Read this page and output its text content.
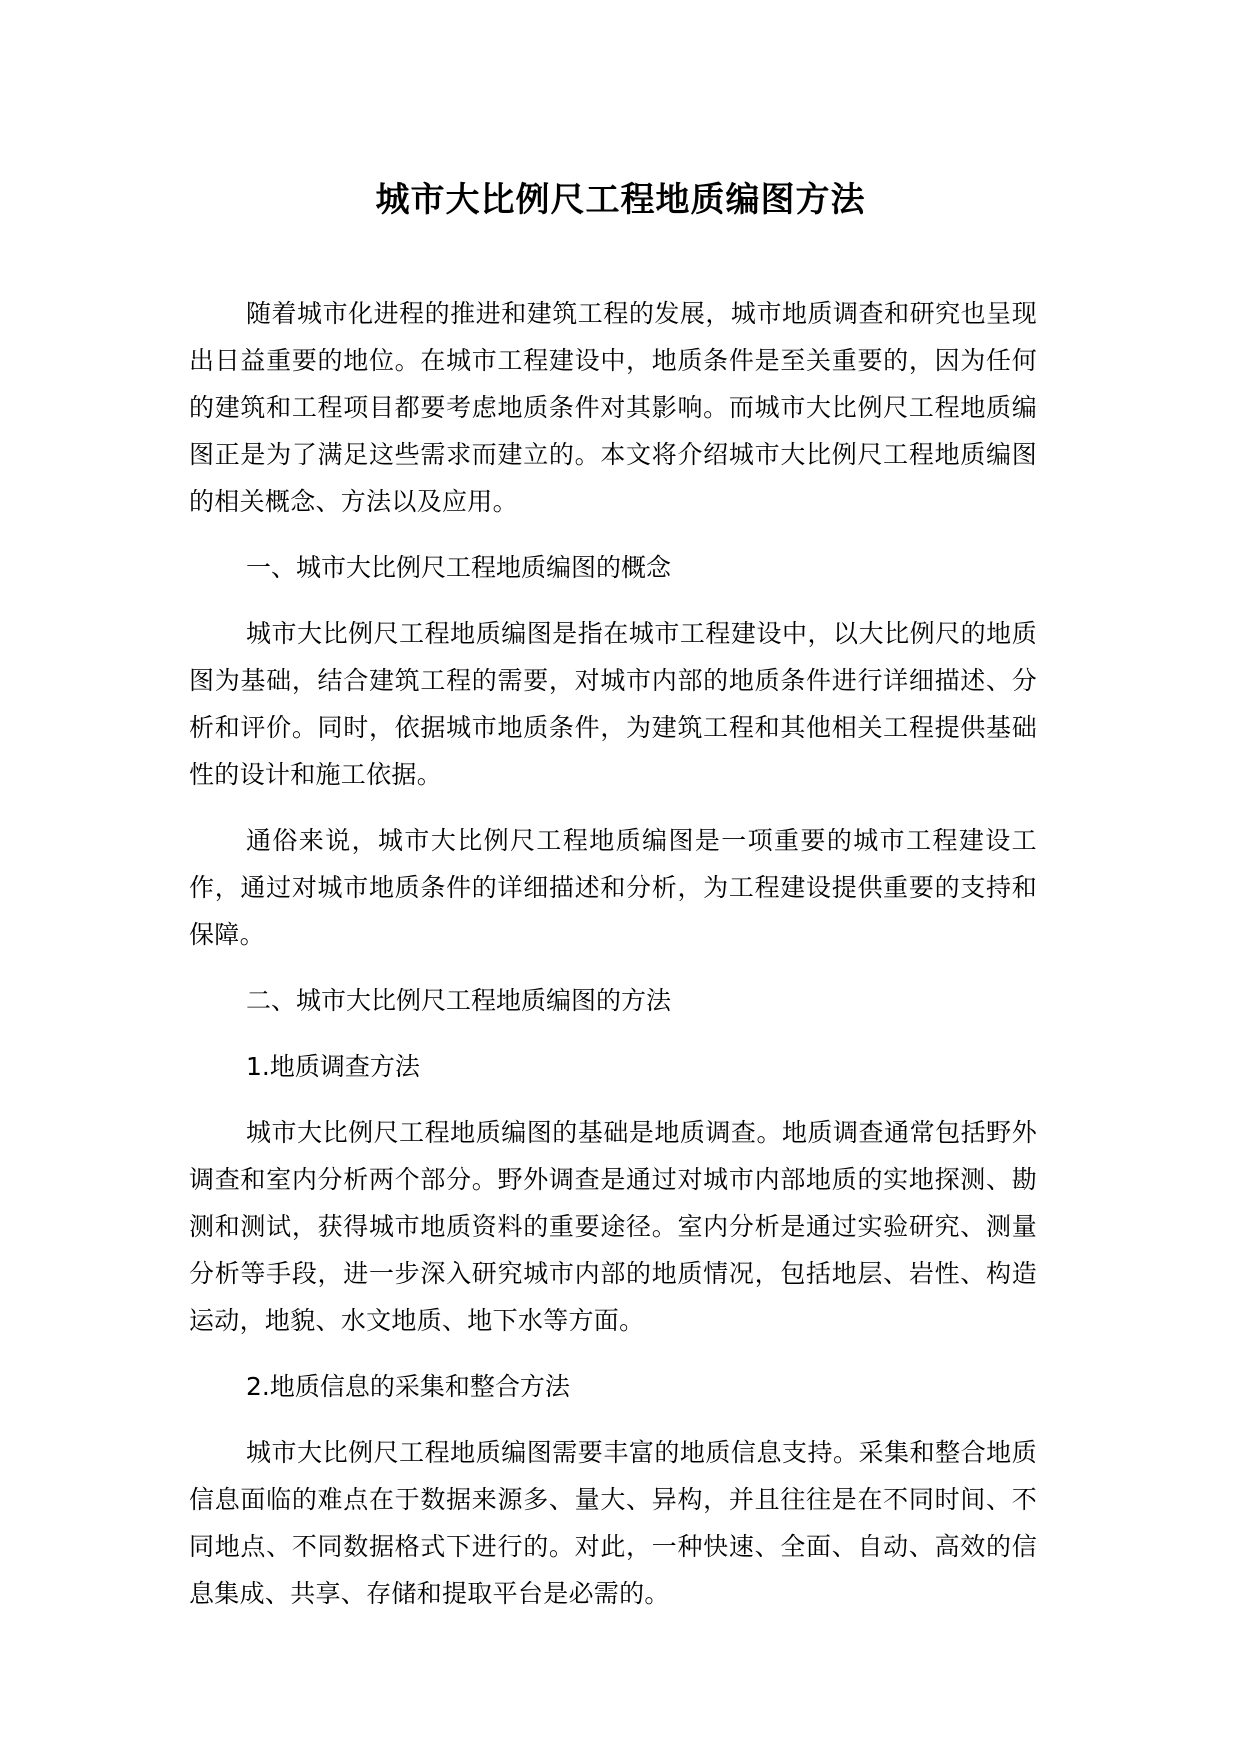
城市大比例尺工程地质编图方法

随着城市化进程的推进和建筑工程的发展，城市地质调查和研究也呈现出日益重要的地位。在城市工程建设中，地质条件是至关重要的，因为任何的建筑和工程项目都要考虑地质条件对其影响。而城市大比例尺工程地质编图正是为了满足这些需求而建立的。本文将介绍城市大比例尺工程地质编图的相关概念、方法以及应用。

一、城市大比例尺工程地质编图的概念

城市大比例尺工程地质编图是指在城市工程建设中，以大比例尺的地质图为基础，结合建筑工程的需要，对城市内部的地质条件进行详细描述、分析和评价。同时，依据城市地质条件，为建筑工程和其他相关工程提供基础性的设计和施工依据。

通俗来说，城市大比例尺工程地质编图是一项重要的城市工程建设工作，通过对城市地质条件的详细描述和分析，为工程建设提供重要的支持和保障。

二、城市大比例尺工程地质编图的方法

1.地质调查方法

城市大比例尺工程地质编图的基础是地质调查。地质调查通常包括野外调查和室内分析两个部分。野外调查是通过对城市内部地质的实地探测、勘测和测试，获得城市地质资料的重要途径。室内分析是通过实验研究、测量分析等手段，进一步深入研究城市内部的地质情况，包括地层、岩性、构造运动，地貌、水文地质、地下水等方面。

2.地质信息的采集和整合方法

城市大比例尺工程地质编图需要丰富的地质信息支持。采集和整合地质信息面临的难点在于数据来源多、量大、异构，并且往往是在不同时间、不同地点、不同数据格式下进行的。对此，一种快速、全面、自动、高效的信息集成、共享、存储和提取平台是必需的。
